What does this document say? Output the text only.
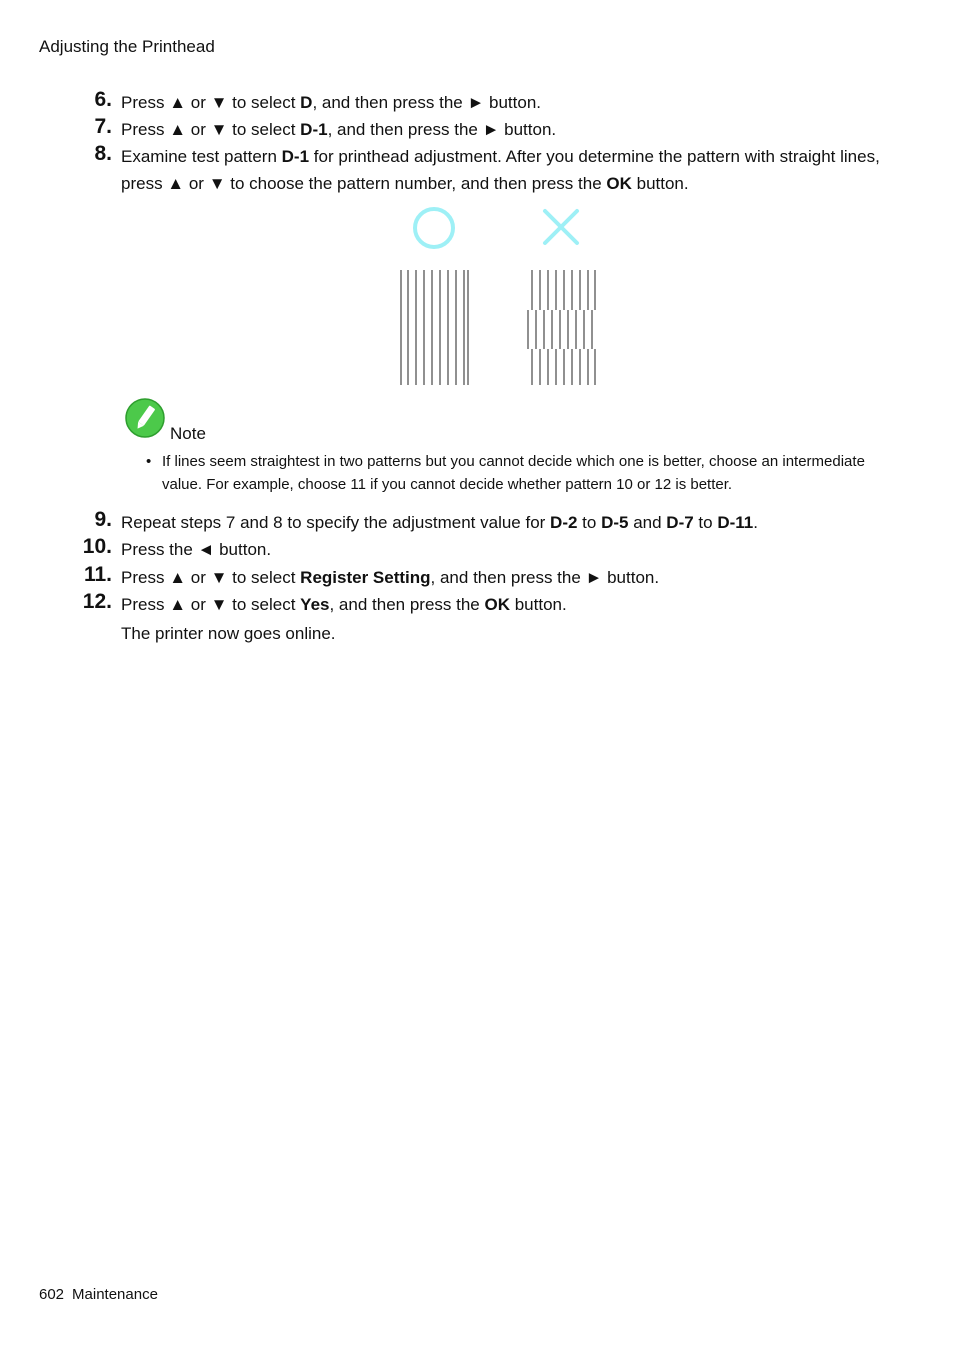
Adjusting the Printhead
6. Press ▲ or ▼ to select D, and then press the ► button.
7. Press ▲ or ▼ to select D-1, and then press the ► button.
8. Examine test pattern D-1 for printhead adjustment. After you determine the pattern with straight lines, press ▲ or ▼ to choose the pattern number, and then press the OK button.
Note
• If lines seem straightest in two patterns but you cannot decide which one is better, choose an intermediate value. For example, choose 11 if you cannot decide whether pattern 10 or 12 is better.
9. Repeat steps 7 and 8 to specify the adjustment value for D-2 to D-5 and D-7 to D-11.
10. Press the ◄ button.
11. Press ▲ or ▼ to select Register Setting, and then press the ► button.
12. Press ▲ or ▼ to select Yes, and then press the OK button.
The printer now goes online.
602 Maintenance
